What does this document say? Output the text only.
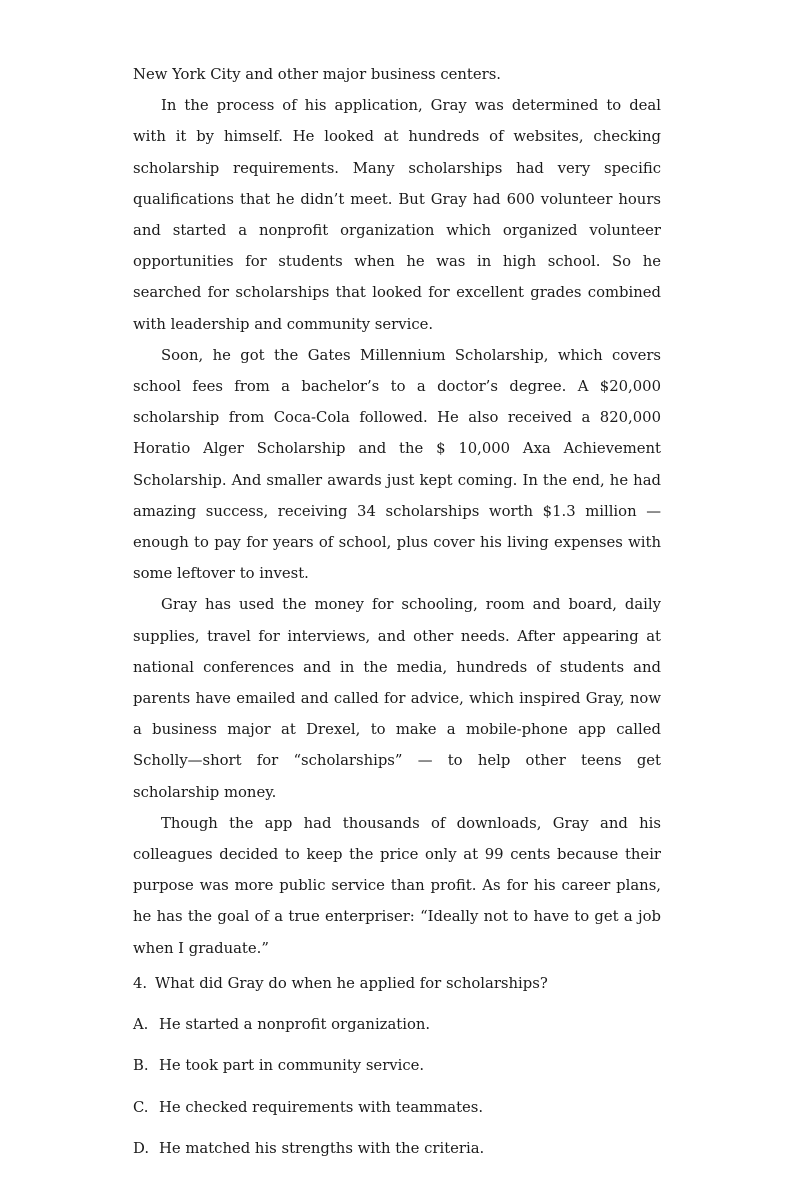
New York City and other major business centers.

In the process of his application, Gray was determined to deal with it by himself. He looked at hundreds of websites, checking scholarship requirements. Many scholarships had very specific qualifications that he didn’t meet. But Gray had 600 volunteer hours and started a nonprofit organization which organized volunteer opportunities for students when he was in high school. So he searched for scholarships that looked for excellent grades combined with leadership and community service.

Soon, he got the Gates Millennium Scholarship, which covers school fees from a bachelor’s to a doctor’s degree. A $20,000 scholarship from Coca-Cola followed. He also received a 820,000 Horatio Alger Scholarship and the $ 10,000 Axa Achievement Scholarship. And smaller awards just kept coming. In the end, he had amazing success, receiving 34 scholarships worth $1.3 million — enough to pay for years of school, plus cover his living expenses with some leftover to invest.

Gray has used the money for schooling, room and board, daily supplies, travel for interviews, and other needs. After appearing at national conferences and in the media, hundreds of students and parents have emailed and called for advice, which inspired Gray, now a business major at Drexel, to make a mobile-phone app called Scholly—short for “scholarships” — to help other teens get scholarship money.

Though the app had thousands of downloads, Gray and his colleagues decided to keep the price only at 99 cents because their purpose was more public service than profit. As for his career plans, he has the goal of a true enterpriser: “Ideally not to have to get a job when I graduate.”

4. What did Gray do when he applied for scholarships?
A. He started a nonprofit organization.
B. He took part in community service.
C. He checked requirements with teammates.
D. He matched his strengths with the criteria.
